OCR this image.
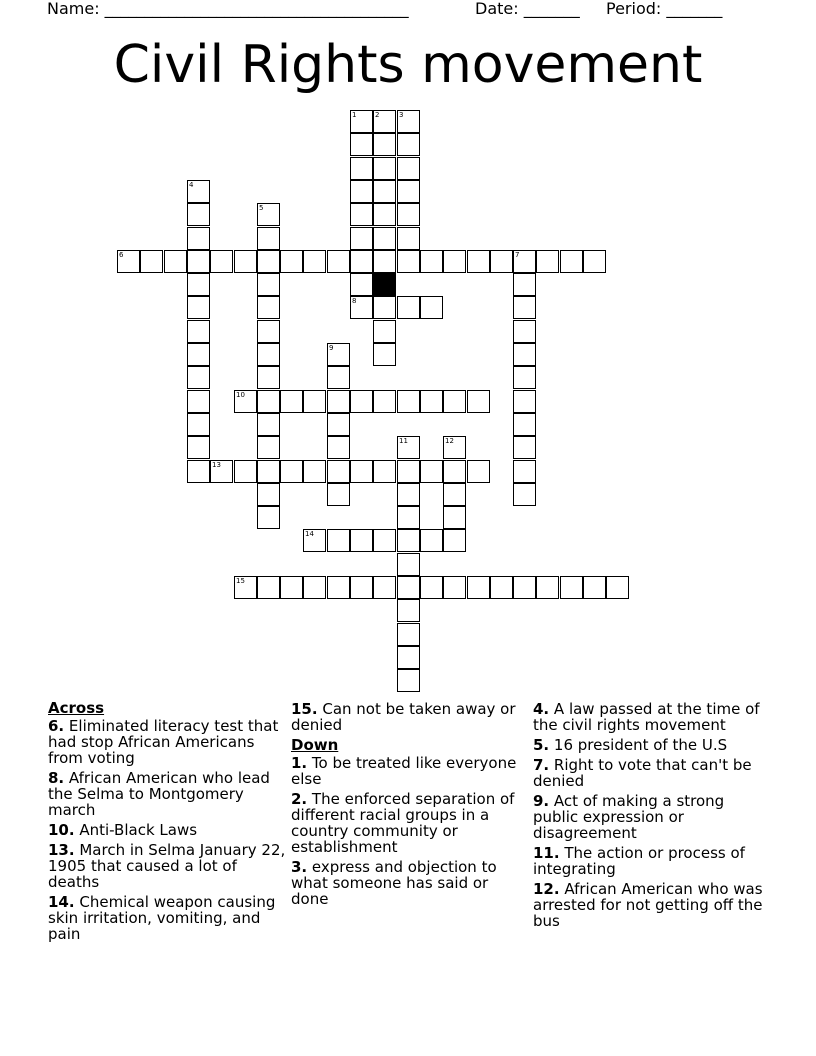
Name: ______________________________________	Date: _______ Period: _______
Civil Rights movement
1	2	3
4
5
6	7
8
9
10
11	12
13
14
15
Across
6. Eliminated literacy test that had stop African Americans from voting
8. African American who lead the Selma to Montgomery march
10. Anti-Black Laws
13. March in Selma January 22, 1905 that caused a lot of deaths
14. Chemical weapon causing skin irritation, vomiting, and pain
15. Can not be taken away or denied
Down
1. To be treated like everyone else
2. The enforced separation of different racial groups in a country community or establishment
3. express and objection to what someone has said or done
4. A law passed at the time of the civil rights movement
5. 16 president of the U.S
7. Right to vote that can't be denied
9. Act of making a strong public expression or disagreement
11. The action or process of integrating
12. African American who was arrested for not getting off the bus
